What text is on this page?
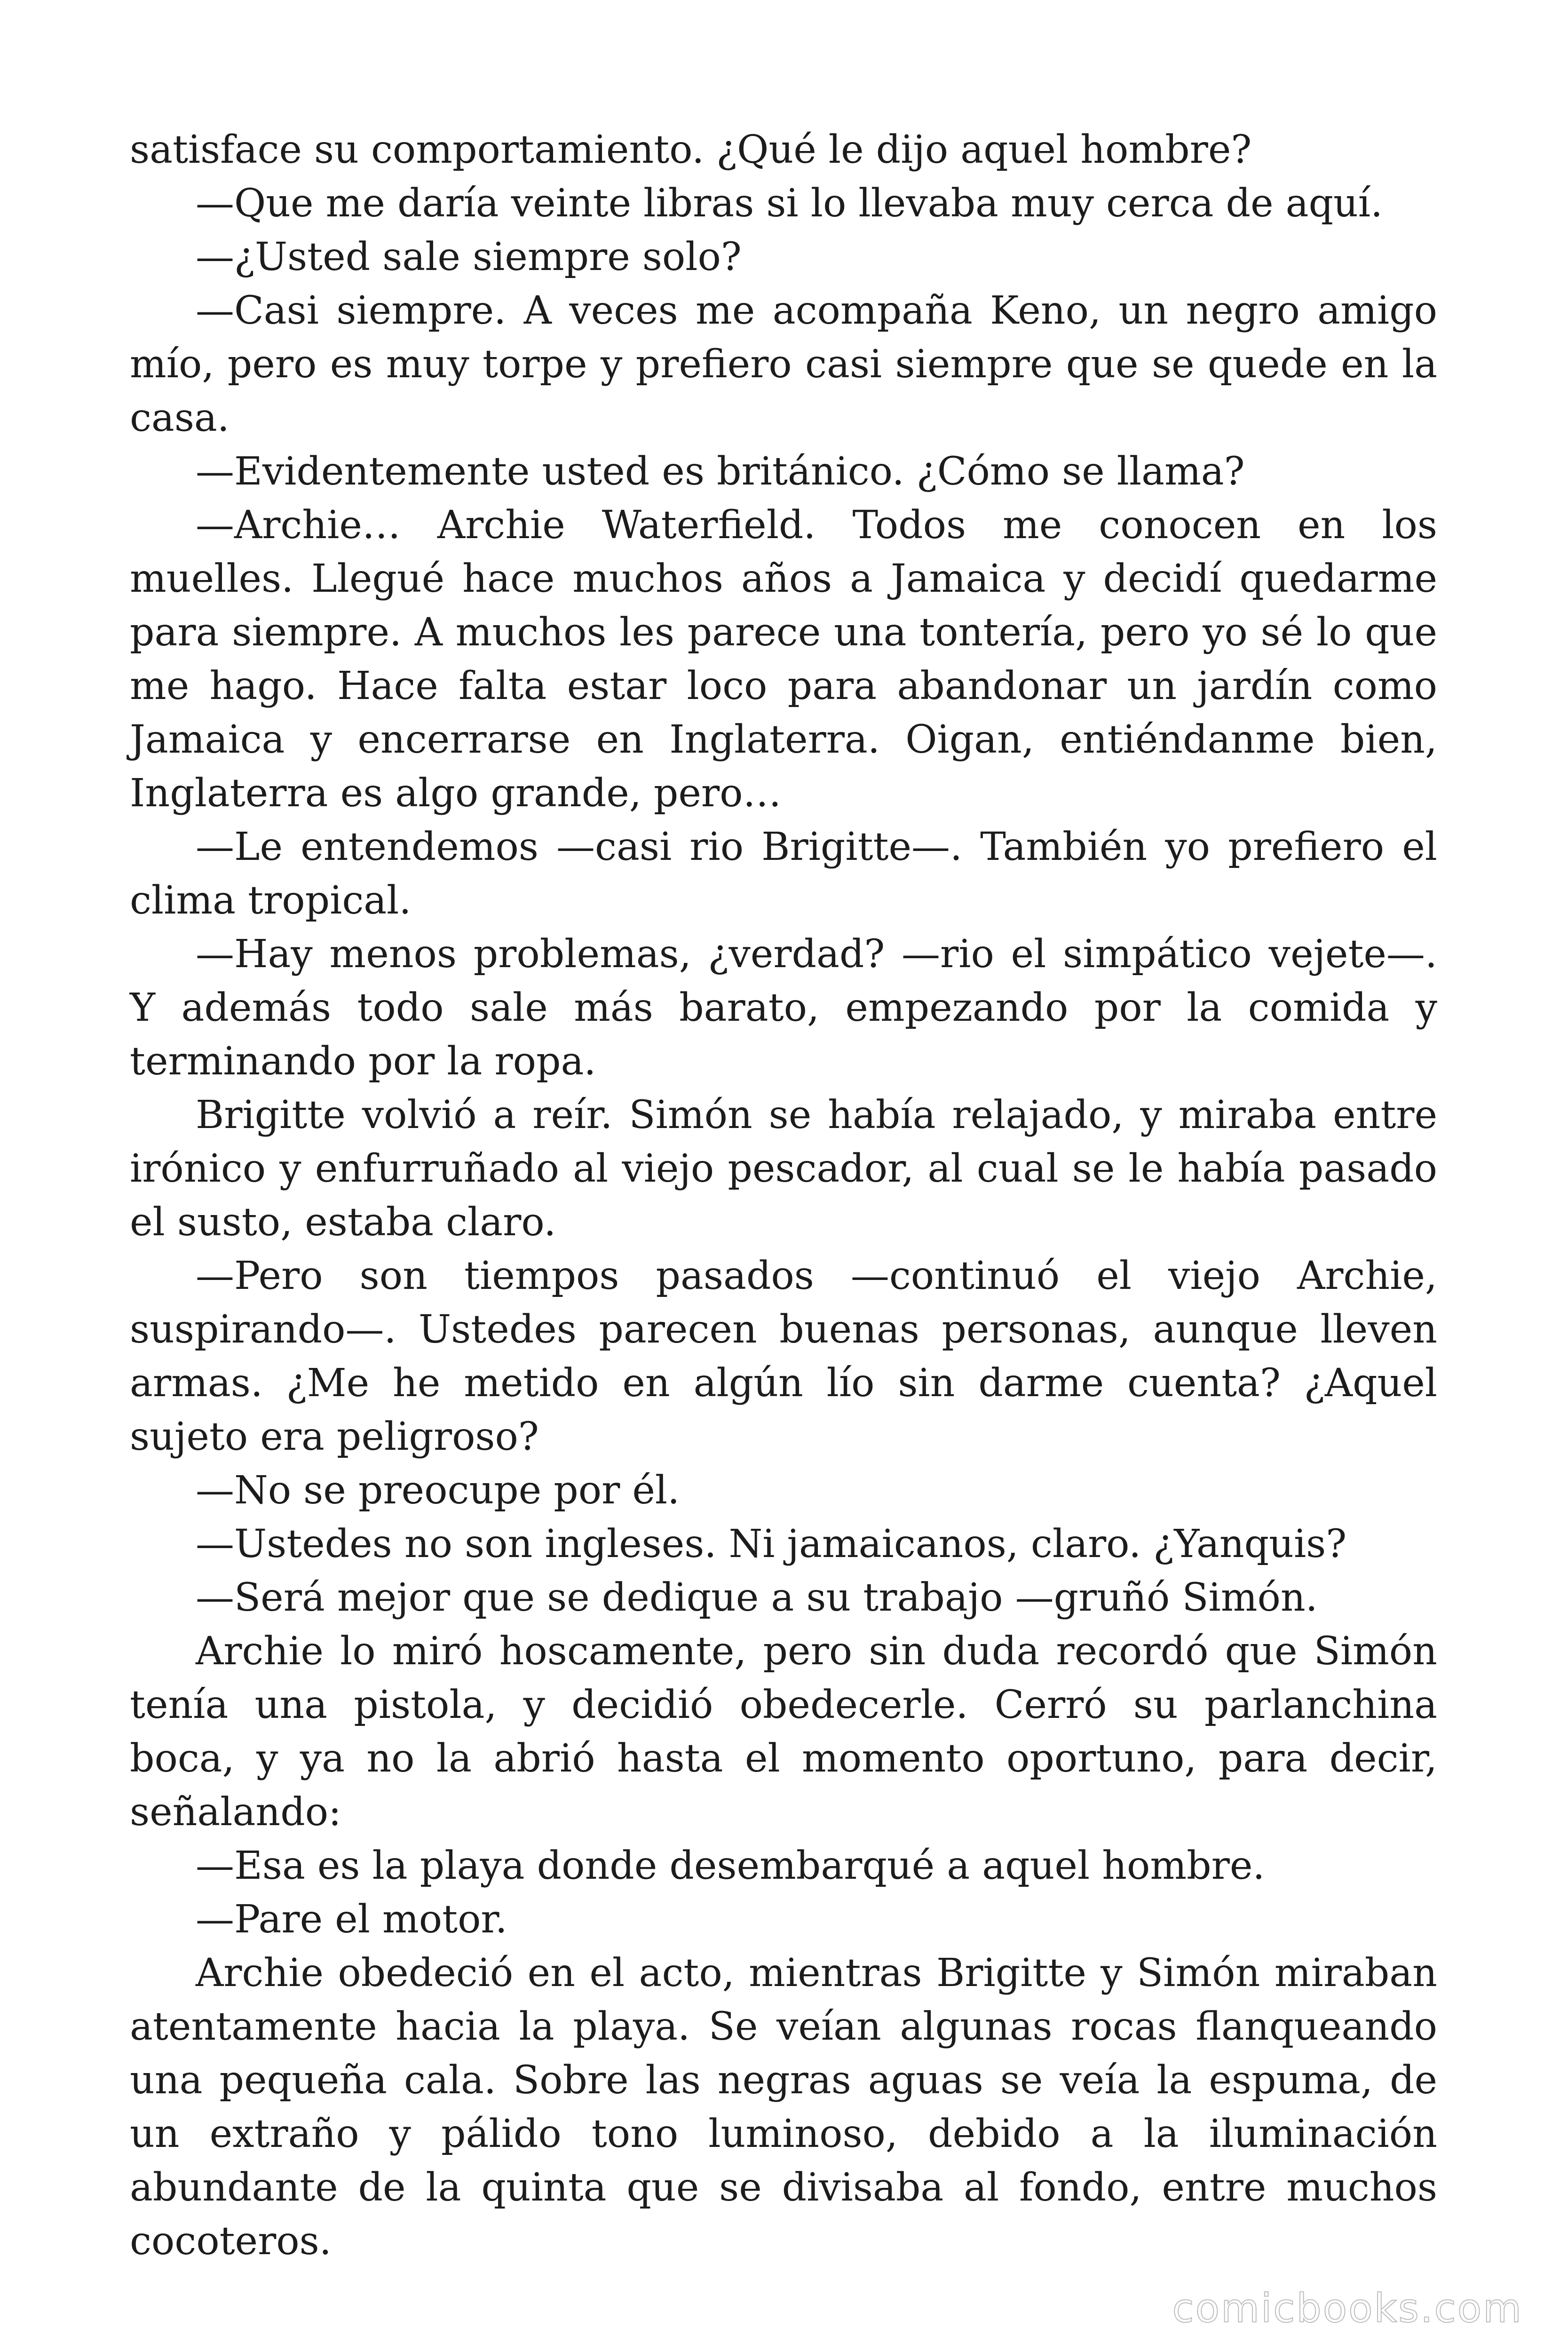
satisface su comportamiento. ¿Qué le dijo aquel hombre?

—Que me daría veinte libras si lo llevaba muy cerca de aquí.

—¿Usted sale siempre solo?

—Casi siempre. A veces me acompaña Keno, un negro amigo mío, pero es muy torpe y prefiero casi siempre que se quede en la casa.

—Evidentemente usted es británico. ¿Cómo se llama?

—Archie… Archie Waterfield. Todos me conocen en los muelles. Llegué hace muchos años a Jamaica y decidí quedarme para siempre. A muchos les parece una tontería, pero yo sé lo que me hago. Hace falta estar loco para abandonar un jardín como Jamaica y encerrarse en Inglaterra. Oigan, entiéndanme bien, Inglaterra es algo grande, pero…

—Le entendemos —casi rio Brigitte—. También yo prefiero el clima tropical.

—Hay menos problemas, ¿verdad? —rio el simpático vejete—. Y además todo sale más barato, empezando por la comida y terminando por la ropa.

Brigitte volvió a reír. Simón se había relajado, y miraba entre irónico y enfurruñado al viejo pescador, al cual se le había pasado el susto, estaba claro.

—Pero son tiempos pasados —continuó el viejo Archie, suspirando—. Ustedes parecen buenas personas, aunque lleven armas. ¿Me he metido en algún lío sin darme cuenta? ¿Aquel sujeto era peligroso?

—No se preocupe por él.

—Ustedes no son ingleses. Ni jamaicanos, claro. ¿Yanquis?

—Será mejor que se dedique a su trabajo —gruñó Simón.

Archie lo miró hoscamente, pero sin duda recordó que Simón tenía una pistola, y decidió obedecerle. Cerró su parlanchina boca, y ya no la abrió hasta el momento oportuno, para decir, señalando:

—Esa es la playa donde desembarqué a aquel hombre.

—Pare el motor.

Archie obedeció en el acto, mientras Brigitte y Simón miraban atentamente hacia la playa. Se veían algunas rocas flanqueando una pequeña cala. Sobre las negras aguas se veía la espuma, de un extraño y pálido tono luminoso, debido a la iluminación abundante de la quinta que se divisaba al fondo, entre muchos cocoteros.

comicbooks.com
